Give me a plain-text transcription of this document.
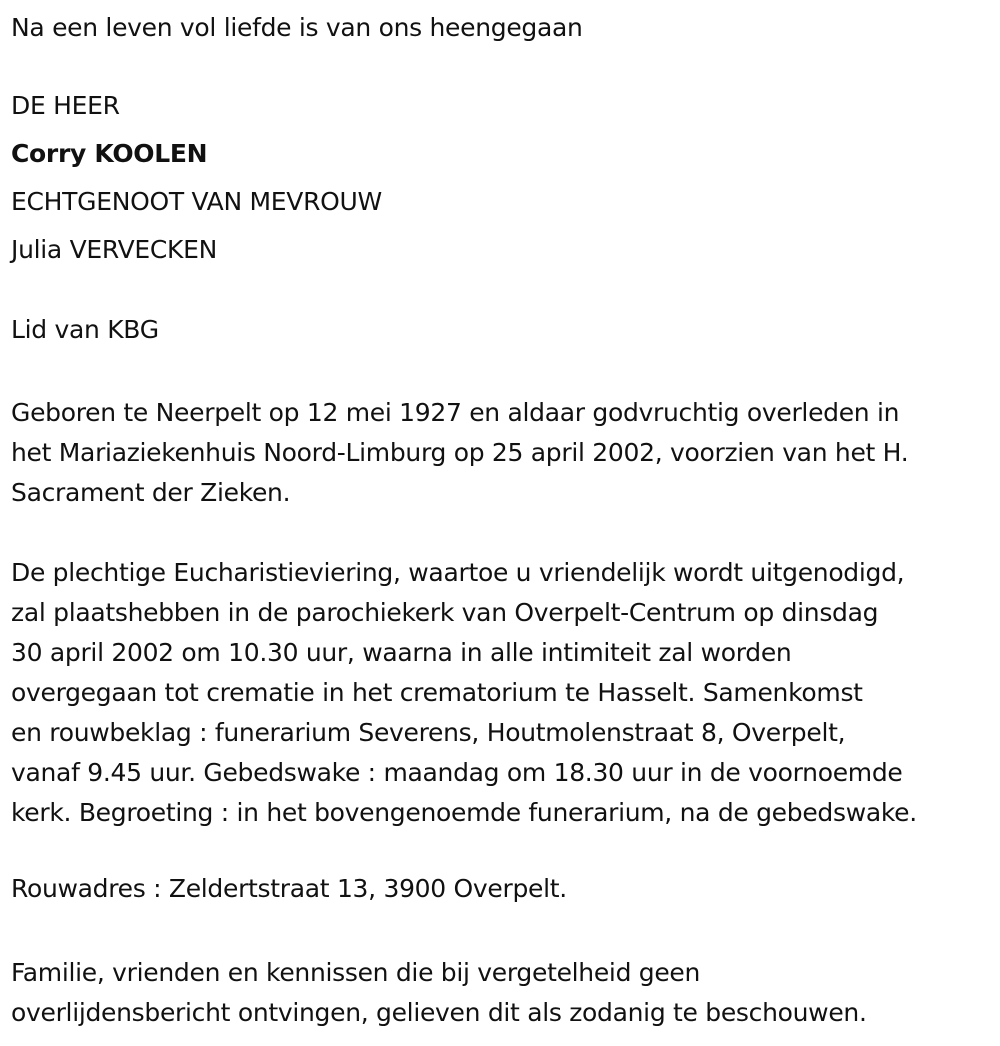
Na een leven vol liefde is van ons heengegaan
DE HEER
Corry KOOLEN
ECHTGENOOT VAN MEVROUW
Julia VERVECKEN
Lid van KBG
Geboren te Neerpelt op 12 mei 1927 en aldaar godvruchtig overleden in
het Mariaziekenhuis Noord-Limburg op 25 april 2002, voorzien van het H.
Sacrament der Zieken.
De plechtige Eucharistieviering, waartoe u vriendelijk wordt uitgenodigd,
zal plaatshebben in de parochiekerk van Overpelt-Centrum op dinsdag
30 april 2002 om 10.30 uur, waarna in alle intimiteit zal worden
overgegaan tot crematie in het crematorium te Hasselt. Samenkomst
en rouwbeklag : funerarium Severens, Houtmolenstraat 8, Overpelt,
vanaf 9.45 uur. Gebedswake : maandag om 18.30 uur in de voornoemde
kerk. Begroeting : in het bovengenoemde funerarium, na de gebedswake.
Rouwadres : Zeldertstraat 13, 3900 Overpelt.
Familie, vrienden en kennissen die bij vergetelheid geen
overlijdensbericht ontvingen, gelieven dit als zodanig te beschouwen.
